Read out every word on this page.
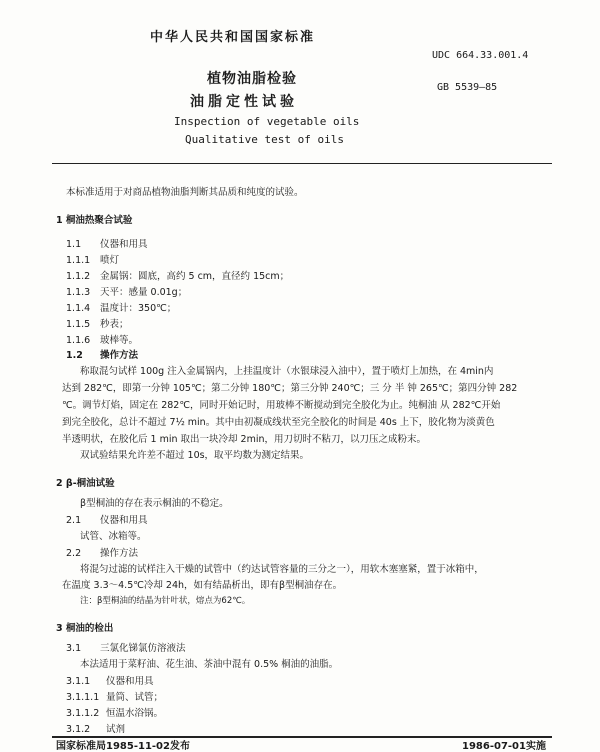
中华人民共和国国家标准
UDC 664.33.001.4
植物油脂检验
GB 5539—85
油脂定性试验
Inspection of vegetable oils
Qualitative test of oils
本标准适用于对商品植物油脂判断其品质和纯度的试验。
1 桐油热聚合试验
1.1 仪器和用具
1.1.1 喷灯
1.1.2 金属锅：圆底，高约 5 cm，直径约 15cm；
1.1.3 天平：感量 0.01g；
1.1.4 温度计：350℃；
1.1.5 秒表；
1.1.6 玻棒等。
1.2 操作方法
称取混匀试样 100g 注入金属锅内，上挂温度计（水银球浸入油中），置于喷灯上加热，在 4min内
达到 282℃，即第一分钟 105℃；第二分钟 180℃；第三分钟 240℃；三 分 半 钟 265℃；第四分钟 282
℃。调节灯焰，固定在 282℃，同时开始记时，用玻棒不断搅动到完全胶化为止。纯桐油 从 282℃开始
到完全胶化，总计不超过 7½ min。其中由初凝成线状至完全胶化的时间是 40s 上下，胶化物为淡黄色
半透明状，在胶化后 1 min 取出一块冷却 2min，用刀切时不粘刀，以刀压之成粉末。
双试验结果允许差不超过 10s，取平均数为测定结果。
2 β-桐油试验
β型桐油的存在表示桐油的不稳定。
2.1 仪器和用具
试管、冰箱等。
2.2 操作方法
将混匀过滤的试样注入干燥的试管中（约达试管容量的三分之一），用软木塞塞紧，置于冰箱中，
在温度 3.3～4.5℃冷却 24h，如有结晶析出，即有β型桐油存在。
注：β型桐油的结晶为针叶状，熔点为62℃。
3 桐油的检出
3.1 三氯化锑氯仿溶液法
本法适用于菜籽油、花生油、茶油中混有 0.5% 桐油的油脂。
3.1.1 仪器和用具
3.1.1.1 量筒、试管；
3.1.1.2 恒温水浴锅。
3.1.2 试剂
国家标准局1985-11-02发布	1986-07-01实施
